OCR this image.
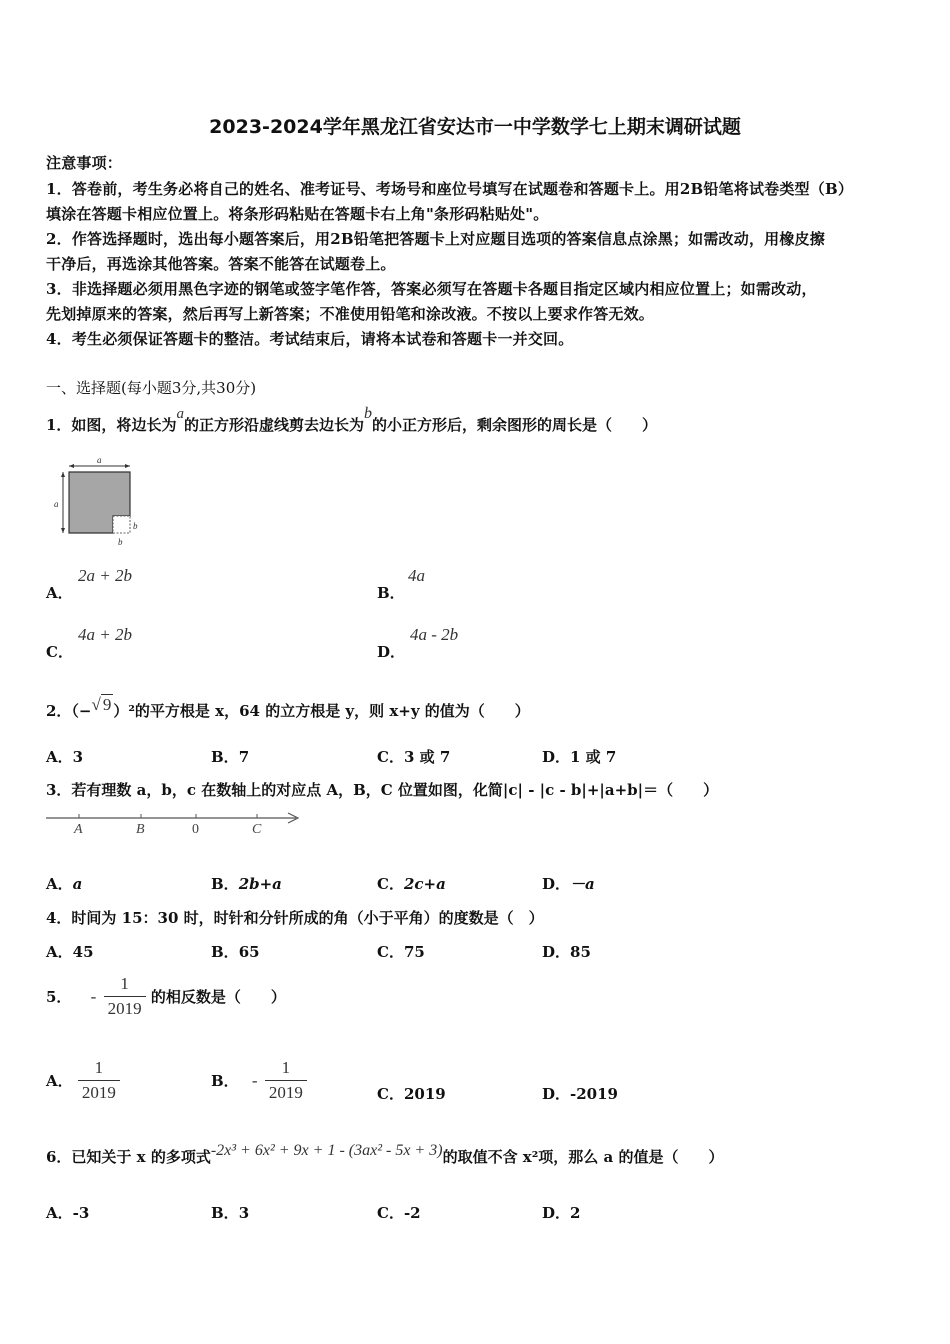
2023-2024学年黑龙江省安达市一中学数学七上期末调研试题
注意事项：
1．答卷前，考生务必将自己的姓名、准考证号、考场号和座位号填写在试题卷和答题卡上。用2B铅笔将试卷类型（B）
填涂在答题卡相应位置上。将条形码粘贴在答题卡右上角"条形码粘贴处"。
2．作答选择题时，选出每小题答案后，用2B铅笔把答题卡上对应题目选项的答案信息点涂黑；如需改动，用橡皮擦
干净后，再选涂其他答案。答案不能答在试题卷上。
3．非选择题必须用黑色字迹的钢笔或签字笔作答，答案必须写在答题卡各题目指定区域内相应位置上；如需改动，
先划掉原来的答案，然后再写上新答案；不准使用铅笔和涂改液。不按以上要求作答无效。
4．考生必须保证答题卡的整洁。考试结束后，请将本试卷和答题卡一并交回。
一、选择题(每小题3分,共30分)
1．如图，将边长为a的正方形沿虚线剪去边长为b的小正方形后，剩余图形的周长是（　　）
a
a
b
b
A．
2a + 2b
B．
4a
C．
4a + 2b
D．
4a - 2b
2．（−√ 9 ）²的平方根是 x，64 的立方根是 y，则 x+y 的值为（　　）
A．3	B．7	C．3 或 7	D．1 或 7
3．若有理数 a，b，c 在数轴上的对应点 A，B，C 位置如图，化简|c| - |c - b|+|a+b|＝（　　）
A	B	0	C
A．a	B．2b+a	C．2c+a	D．－a
4．时间为 15：30 时，时针和分针所成的角（小于平角）的度数是（　）
A．45	B．65	C．75	D．85
5． - $\frac{1}{2019}$ 的相反数是（　　）
A． $\frac{1}{2019}$	B． - $\frac{1}{2019}$	C．2019	D．-2019
6．已知关于 x 的多项式-2x³ + 6x² + 9x + 1 - (3ax² - 5x + 3)的取值不含 x²项，那么 a 的值是（　　）
A．-3	B．3	C．-2	D．2
